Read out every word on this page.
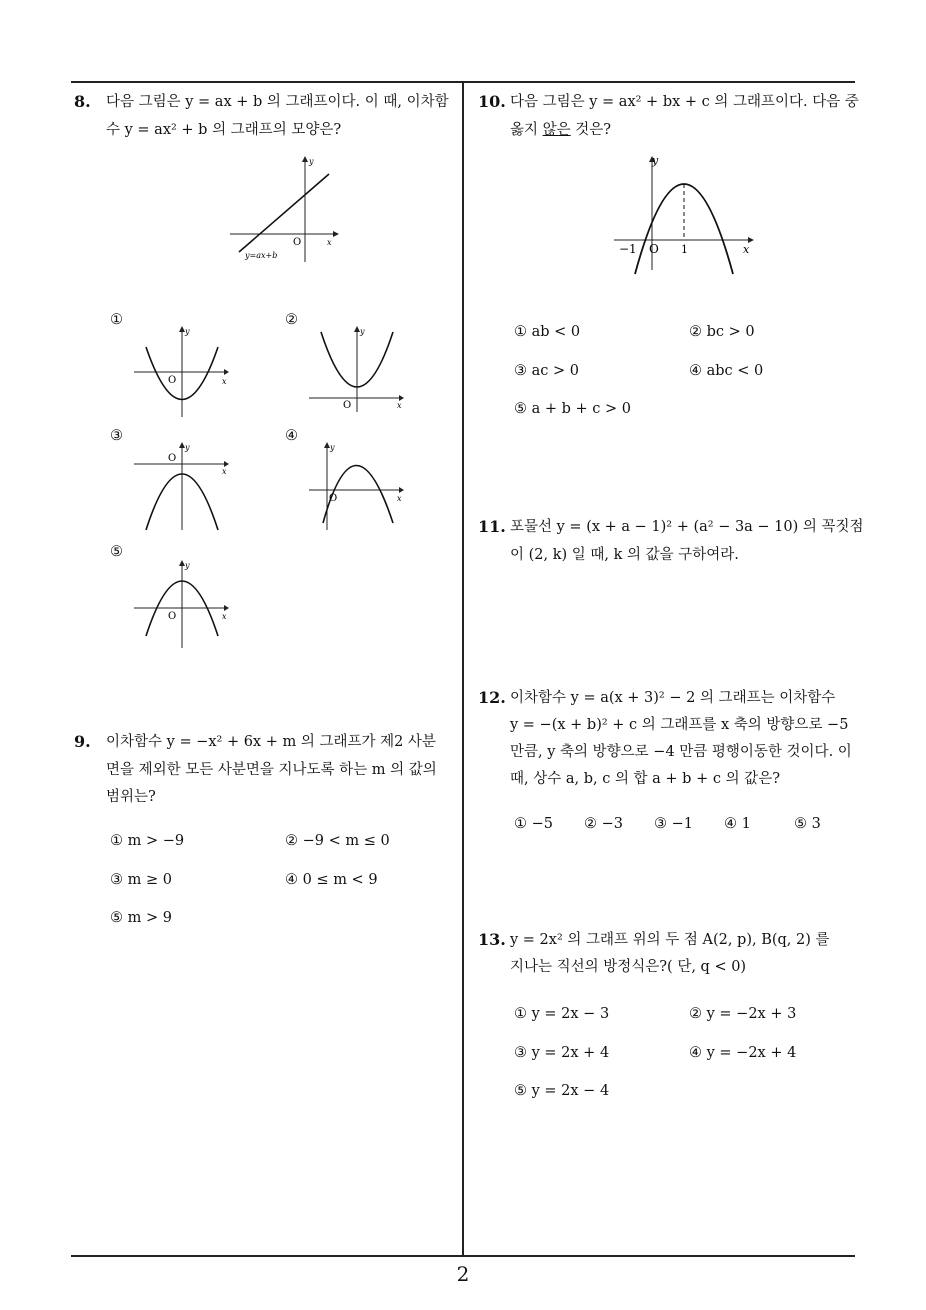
8. 다음 그림은 y = ax + b 의 그래프이다. 이 때, 이차함
수 y = ax² + b 의 그래프의 모양은?
y
x
O
y=ax+b
①
y
x
O
②
y
x
O
③
y
x
O
④
y
x
O
⑤
y
x
O
9. 이차함수 y = −x² + 6x + m 의 그래프가 제2 사분
면을 제외한 모든 사분면을 지나도록 하는 m 의 값의
범위는?
① m > −9	② −9 < m ≤ 0
③ m ≥ 0	④ 0 ≤ m < 9
⑤ m > 9
10. 다음 그림은 y = ax² + bx + c 의 그래프이다. 다음 중
옳지 않은 것은?
y
x
O
−1	1
① ab < 0	② bc > 0
③ ac > 0	④ abc < 0
⑤ a + b + c > 0
11. 포물선 y = (x + a − 1)² + (a² − 3a − 10) 의 꼭짓점
이 (2, k) 일 때, k 의 값을 구하여라.
12. 이차함수 y = a(x + 3)² − 2 의 그래프는 이차함수
y = −(x + b)² + c 의 그래프를 x 축의 방향으로 −5
만큼, y 축의 방향으로 −4 만큼 평행이동한 것이다. 이
때, 상수 a, b, c 의 합 a + b + c 의 값은?
① −5 ② −3 ③ −1 ④ 1	⑤ 3
13. y = 2x² 의 그래프 위의 두 점 A(2, p), B(q, 2) 를
지나는 직선의 방정식은?( 단, q < 0)
① y = 2x − 3	② y = −2x + 3
③ y = 2x + 4	④ y = −2x + 4
⑤ y = 2x − 4
2
